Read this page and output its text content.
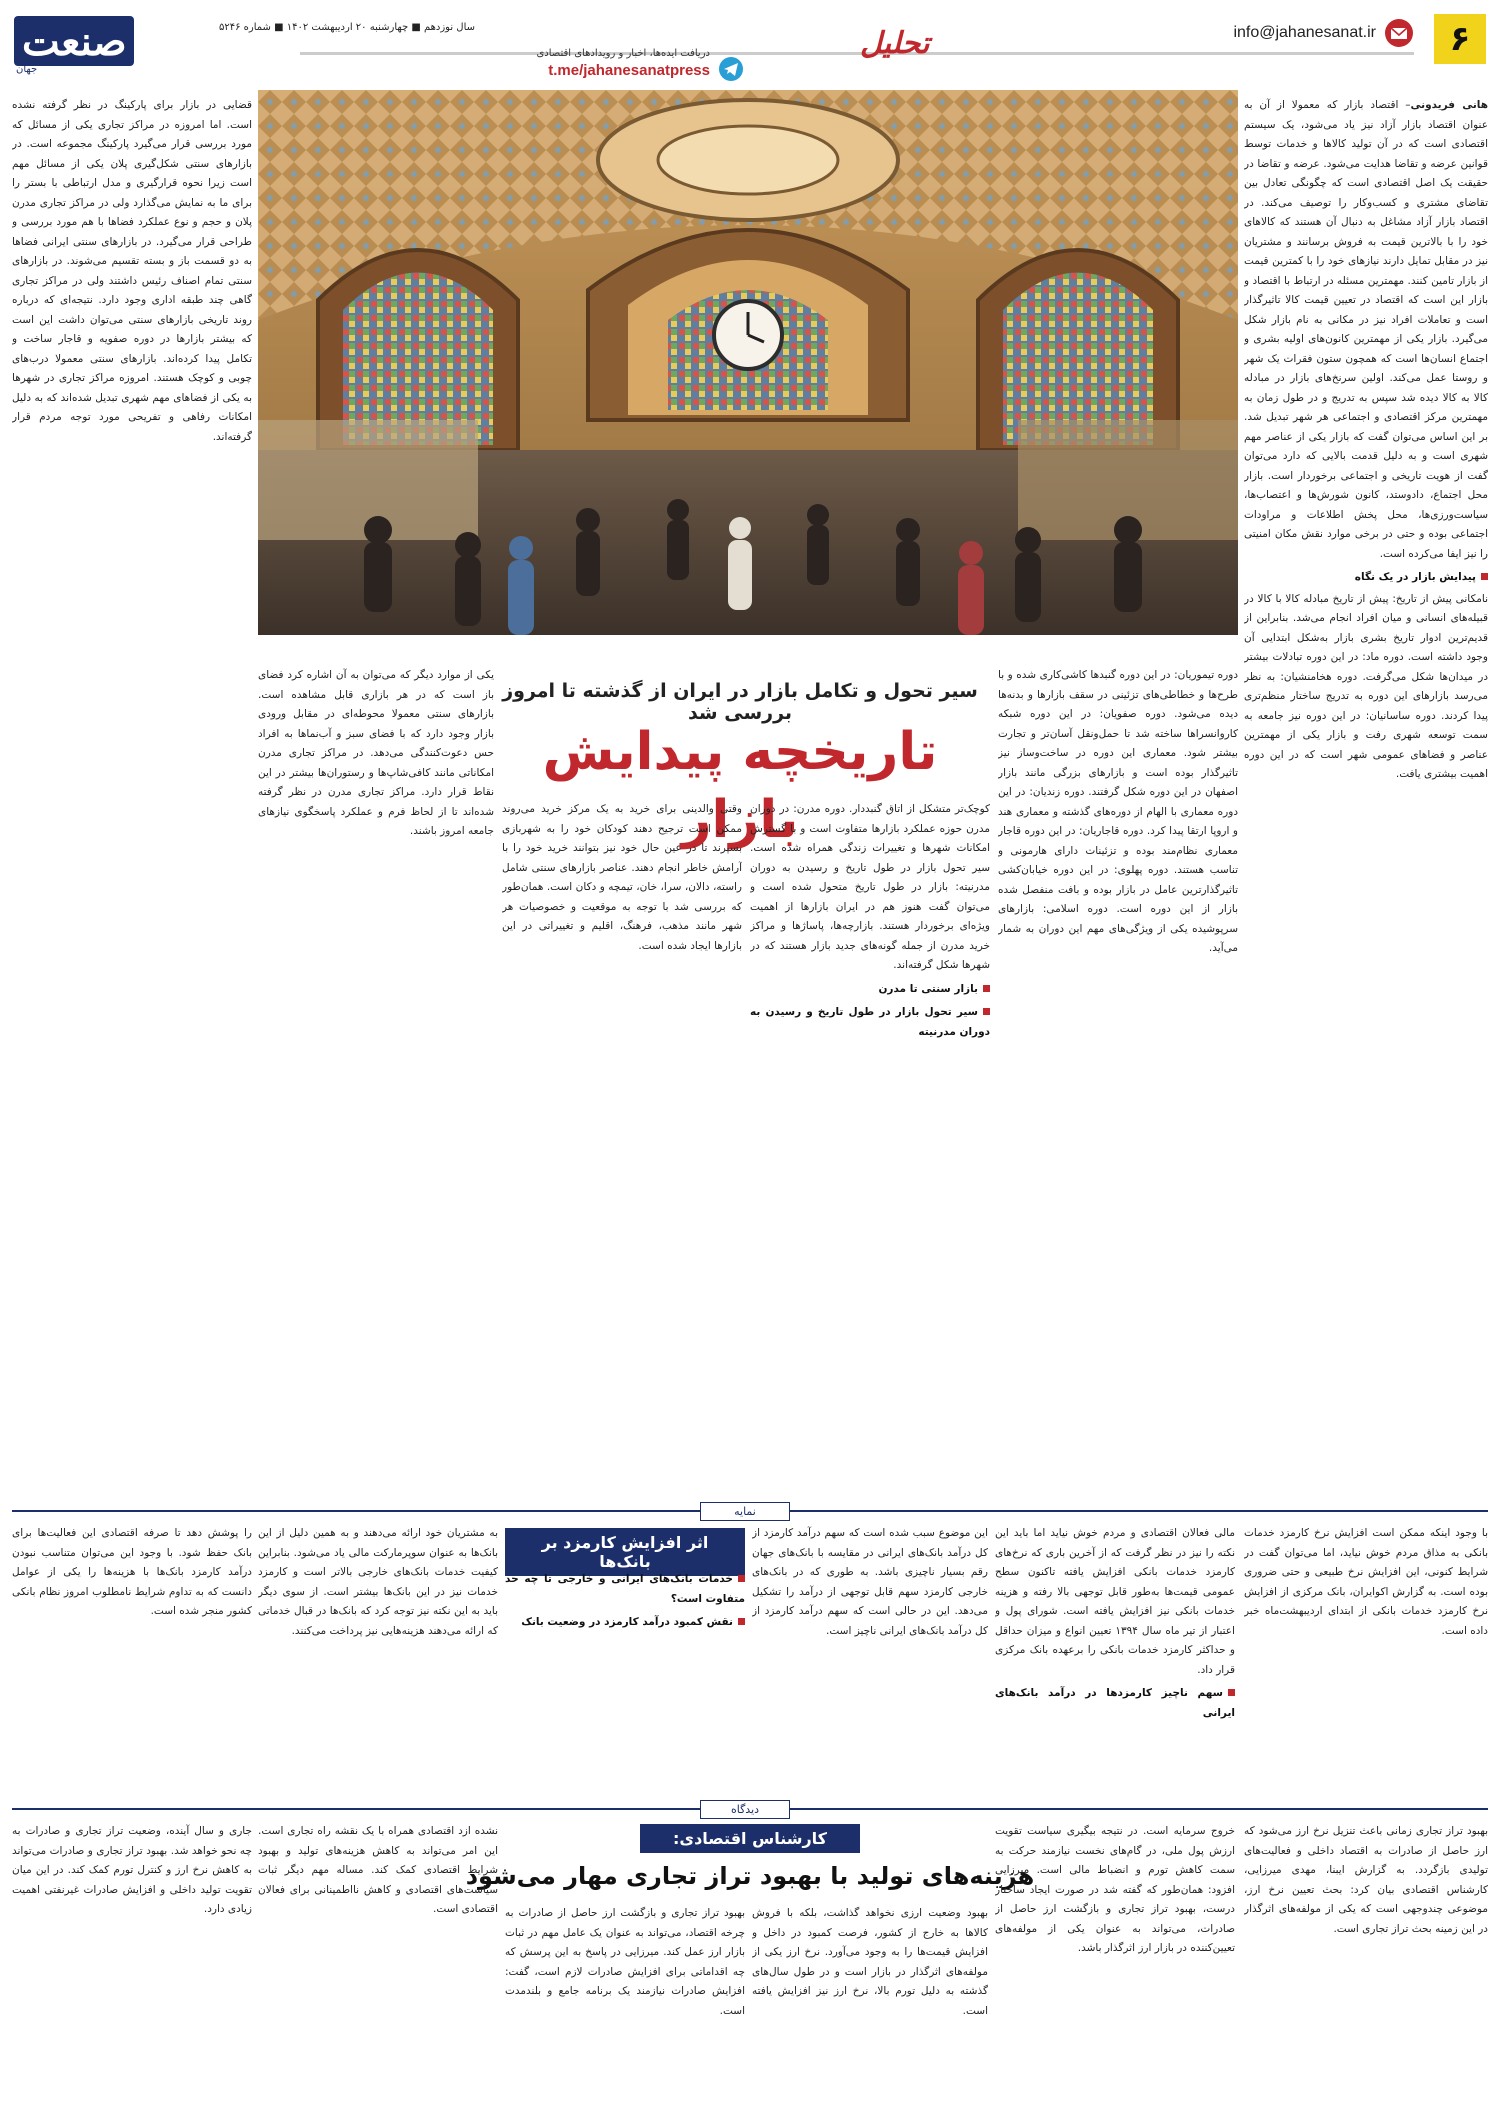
۶
info@jahanesanat.ir
تحلیل
دریافت ایده‌ها، اخبار و رویدادهای اقتصادی
t.me/jahanesanatpress
سال نوزدهم ■ چهارشنبه ۲۰ اردیبهشت ۱۴۰۲ ■ شماره ۵۲۴۶
صنعت
جهان

هانی فریدونی– اقتصاد بازار که معمولا از آن به عنوان اقتصاد بازار آزاد نیز یاد می‌شود، یک سیستم اقتصادی است که در آن تولید کالاها و خدمات توسط قوانین عرضه و تقاضا هدایت می‌شود. عرضه و تقاضا در حقیقت یک اصل اقتصادی است که چگونگی تعادل بین تقاضای مشتری و کسب‌وکار را توصیف می‌کند. در اقتصاد بازار آزاد مشاغل به دنبال آن هستند که کالاهای خود را با بالاترین قیمت به فروش برسانند و مشتریان نیز در مقابل تمایل دارند نیازهای خود را با کمترین قیمت از بازار تامین کنند. مهمترین مسئله در ارتباط با اقتصاد و بازار این است که اقتصاد در تعیین قیمت کالا تاثیرگذار است و تعاملات افراد نیز در مکانی به نام بازار شکل می‌گیرد. بازار یکی از مهمترین کانون‌های اولیه بشری و اجتماع انسان‌ها است که همچون ستون فقرات یک شهر و روستا عمل می‌کند. اولین سرنخ‌های بازار در مبادله کالا به کالا دیده شد سپس به تدریج و در طول زمان به مهمترین مرکز اقتصادی و اجتماعی هر شهر تبدیل شد. بر این اساس می‌توان گفت که بازار یکی از عناصر مهم شهری است و به دلیل قدمت بالایی که دارد می‌توان گفت از هویت تاریخی و اجتماعی برخوردار است. بازار محل اجتماع، دادوستد، کانون شورش‌ها و اعتصاب‌ها، سیاست‌ورزی‌ها، محل پخش اطلاعات و مراودات اجتماعی بوده و حتی در برخی موارد نقش مکان امنیتی را نیز ایفا می‌کرده است.

پیدایش بازار در یک نگاه

نامکانی پیش از تاریخ: پیش از تاریخ مبادله کالا با کالا در قبیله‌های انسانی و میان افراد انجام می‌شد. بنابراین از قدیم‌ترین ادوار تاریخ بشری بازار به‌شکل ابتدایی آن وجود داشته است. دوره ماد: در این دوره تبادلات بیشتر در میدان‌ها شکل می‌گرفت. دوره هخامنشیان: به نظر می‌رسد بازارهای این دوره به تدریج ساختار منظم‌تری پیدا کردند. دوره ساسانیان: در این دوره نیز جامعه به سمت توسعه شهری رفت و بازار یکی از مهمترین عناصر و فضاهای عمومی شهر است که در این دوره اهمیت بیشتری یافت.

قضایی در بازار برای پارکینگ در نظر گرفته نشده است. اما امروزه در مراکز تجاری یکی از مسائل که مورد بررسی قرار می‌گیرد پارکینگ مجموعه است. در بازارهای سنتی شکل‌گیری پلان یکی از مسائل مهم است زیرا نحوه قرارگیری و مدل ارتباطی با بستر را برای ما به نمایش می‌گذارد ولی در مراکز تجاری مدرن پلان و حجم و نوع عملکرد فضاها با هم مورد بررسی و طراحی قرار می‌گیرد. در بازارهای سنتی ایرانی فضاها به دو قسمت باز و بسته تقسیم می‌شوند. در بازارهای سنتی تمام اصناف رئیس داشتند ولی در مراکز تجاری گاهی چند طبقه اداری وجود دارد. نتیجه‌ای که درباره روند تاریخی بازارهای سنتی می‌توان داشت این است که بیشتر بازارها در دوره صفویه و قاجار ساخت و تکامل پیدا کرده‌اند. بازارهای سنتی معمولا درب‌های چوبی و کوچک هستند. امروزه مراکز تجاری در شهرها به یکی از فضاهای مهم شهری تبدیل شده‌اند که به دلیل امکانات رفاهی و تفریحی مورد توجه مردم قرار گرفته‌اند.

سیر تحول و تکامل بازار در ایران از گذشته تا امروز بررسی شد
تاریخچه پیدایش بازار

دوره تیموریان: در این دوره گنبدها کاشی‌کاری شده و با طرح‌ها و خطاطی‌های تزئینی در سقف بازارها و بدنه‌ها دیده می‌شود. دوره صفویان: در این دوره شبکه کاروانسراها ساخته شد تا حمل‌ونقل آسان‌تر و تجارت بیشتر شود. معماری این دوره در ساخت‌وساز نیز تاثیرگذار بوده است و بازارهای بزرگی مانند بازار اصفهان در این دوره شکل گرفتند. دوره زندیان: در این دوره معماری با الهام از دوره‌های گذشته و معماری هند و اروپا ارتقا پیدا کرد. دوره قاجاریان: در این دوره قاجار معماری نظام‌مند بوده و تزئینات دارای هارمونی و تناسب هستند. دوره پهلوی: در این دوره خیابان‌کشی تاثیرگذارترین عامل در بازار بوده و بافت منفصل شده بازار از این دوره است. دوره اسلامی: بازارهای سرپوشیده یکی از ویژگی‌های مهم این دوران به شمار می‌آید.

کوچک‌تر متشکل از اتاق گنبددار. دوره مدرن: در دوران مدرن حوزه عملکرد بازارها متفاوت است و با گسترش امکانات شهرها و تغییرات زندگی همراه شده است. سیر تحول بازار در طول تاریخ و رسیدن به دوران مدرنیته: بازار در طول تاریخ متحول شده است و می‌توان گفت هنوز هم در ایران بازارها از اهمیت ویژه‌ای برخوردار هستند. بازارچه‌ها، پاساژها و مراکز خرید مدرن از جمله گونه‌های جدید بازار هستند که در شهرها شکل گرفته‌اند.

بازار سنتی تا مدرن
سیر تحول بازار در طول تاریخ و رسیدن به دوران مدرنیته

وقتی والدینی برای خرید به یک مرکز خرید می‌روند ممکن است ترجیح دهند کودکان خود را به شهربازی بسپرند تا در عین حال خود نیز بتوانند خرید خود را با آرامش خاطر انجام دهند. عناصر بازارهای سنتی شامل راسته، دالان، سرا، خان، تیمچه و دکان است. همان‌طور که بررسی شد با توجه به موقعیت و خصوصیات هر شهر مانند مذهب، فرهنگ، اقلیم و تغییراتی در این بازارها ایجاد شده است.

یکی از موارد دیگر که می‌توان به آن اشاره کرد فضای باز است که در هر بازاری قابل مشاهده است. بازارهای سنتی معمولا محوطه‌ای در مقابل ورودی بازار وجود دارد که با فضای سبز و آب‌نماها به افراد حس دعوت‌کنندگی می‌دهد. در مراکز تجاری مدرن امکاناتی مانند کافی‌شاپ‌ها و رستوران‌ها بیشتر در این نقاط قرار دارد. مراکز تجاری مدرن در نظر گرفته شده‌اند تا از لحاظ فرم و عملکرد پاسخگوی نیازهای جامعه امروز باشند.

نمایه
اثر افزایش کارمزد بر بانک‌ها

با وجود اینکه ممکن است افزایش نرخ کارمزد خدمات بانکی به مذاق مردم خوش نیاید، اما می‌توان گفت در شرایط کنونی، این افزایش نرخ طبیعی و حتی ضروری بوده است. به گزارش اکوایران، بانک مرکزی از افزایش نرخ کارمزد خدمات بانکی از ابتدای اردیبهشت‌ماه خبر داده است.

مالی فعالان اقتصادی و مردم خوش نیاید اما باید این نکته را نیز در نظر گرفت که از آخرین باری که نرخ‌های کارمزد خدمات بانکی افزایش یافته تاکنون سطح عمومی قیمت‌ها به‌طور قابل توجهی بالا رفته و هزینه خدمات بانکی نیز افزایش یافته است. شورای پول و اعتبار از تیر ماه سال ۱۳۹۴ تعیین انواع و میزان حداقل و حداکثر کارمزد خدمات بانکی را برعهده بانک مرکزی قرار داد.

سهم ناچیز کارمزدها در درآمد بانک‌های ایرانی

این موضوع سبب شده است که سهم درآمد کارمزد از کل درآمد بانک‌های ایرانی در مقایسه با بانک‌های جهان رقم بسیار ناچیزی باشد. به طوری که در بانک‌های خارجی کارمزد سهم قابل توجهی از درآمد را تشکیل می‌دهد. این در حالی است که سهم درآمد کارمزد از کل درآمد بانک‌های ایرانی ناچیز است.

خدمات بانک‌های ایرانی و خارجی تا چه حد متفاوت است؟
نقش کمبود درآمد کارمزد در وضعیت بانک

به مشتریان خود ارائه می‌دهند و به همین دلیل از این بانک‌ها به عنوان سوپرمارکت مالی یاد می‌شود. بنابراین کیفیت خدمات بانک‌های خارجی بالاتر است و کارمزد خدمات نیز در این بانک‌ها بیشتر است. از سوی دیگر باید به این نکته نیز توجه کرد که بانک‌ها در قبال خدماتی که ارائه می‌دهند هزینه‌هایی نیز پرداخت می‌کنند.

را پوشش دهد تا صرفه اقتصادی این فعالیت‌ها برای بانک حفظ شود. با وجود این می‌توان متناسب نبودن درآمد کارمزد بانک‌ها با هزینه‌ها را یکی از عوامل دانست که به تداوم شرایط نامطلوب امروز نظام بانکی کشور منجر شده است.

دیدگاه
کارشناس اقتصادی:
هزینه‌های تولید با بهبود تراز تجاری مهار می‌شود

بهبود تراز تجاری زمانی باعث تنزیل نرخ ارز می‌شود که ارز حاصل از صادرات به اقتصاد داخلی و فعالیت‌های تولیدی بازگردد. به گزارش ایبنا، مهدی میرزایی، کارشناس اقتصادی بیان کرد: بحث تعیین نرخ ارز، موضوعی چندوجهی است که یکی از مولفه‌های اثرگذار در این زمینه بحث تراز تجاری است.

خروج سرمایه است. در نتیجه بیگیری سیاست تقویت ارزش پول ملی، در گام‌های نخست نیازمند حرکت به سمت کاهش تورم و انضباط مالی است. میرزایی افزود: همان‌طور که گفته شد در صورت ایجاد ساختار درست، بهبود تراز تجاری و بازگشت ارز حاصل از صادرات، می‌تواند به عنوان یکی از مولفه‌های تعیین‌کننده در بازار ارز اثرگذار باشد.

بهبود وضعیت ارزی نخواهد گذاشت، بلکه با فروش کالاها به خارج از کشور، فرصت کمبود در داخل و افزایش قیمت‌ها را به وجود می‌آورد. نرخ ارز یکی از مولفه‌های اثرگذار در بازار است و در طول سال‌های گذشته به دلیل تورم بالا، نرخ ارز نیز افزایش یافته است.

بهبود تراز تجاری و بازگشت ارز حاصل از صادرات به چرخه اقتصاد، می‌تواند به عنوان یک عامل مهم در ثبات بازار ارز عمل کند. میرزایی در پاسخ به این پرسش که چه اقداماتی برای افزایش صادرات لازم است، گفت: افزایش صادرات نیازمند یک برنامه جامع و بلندمدت است.

نشده ازد اقتصادی همراه با یک نقشه راه تجاری است. این امر می‌تواند به کاهش هزینه‌های تولید و بهبود شرایط اقتصادی کمک کند. مساله مهم دیگر ثبات سیاست‌های اقتصادی و کاهش نااطمینانی برای فعالان اقتصادی است.

جاری و سال آینده، وضعیت تراز تجاری و صادرات به چه نحو خواهد شد. بهبود تراز تجاری و صادرات می‌تواند به کاهش نرخ ارز و کنترل تورم کمک کند. در این میان تقویت تولید داخلی و افزایش صادرات غیرنفتی اهمیت زیادی دارد.
